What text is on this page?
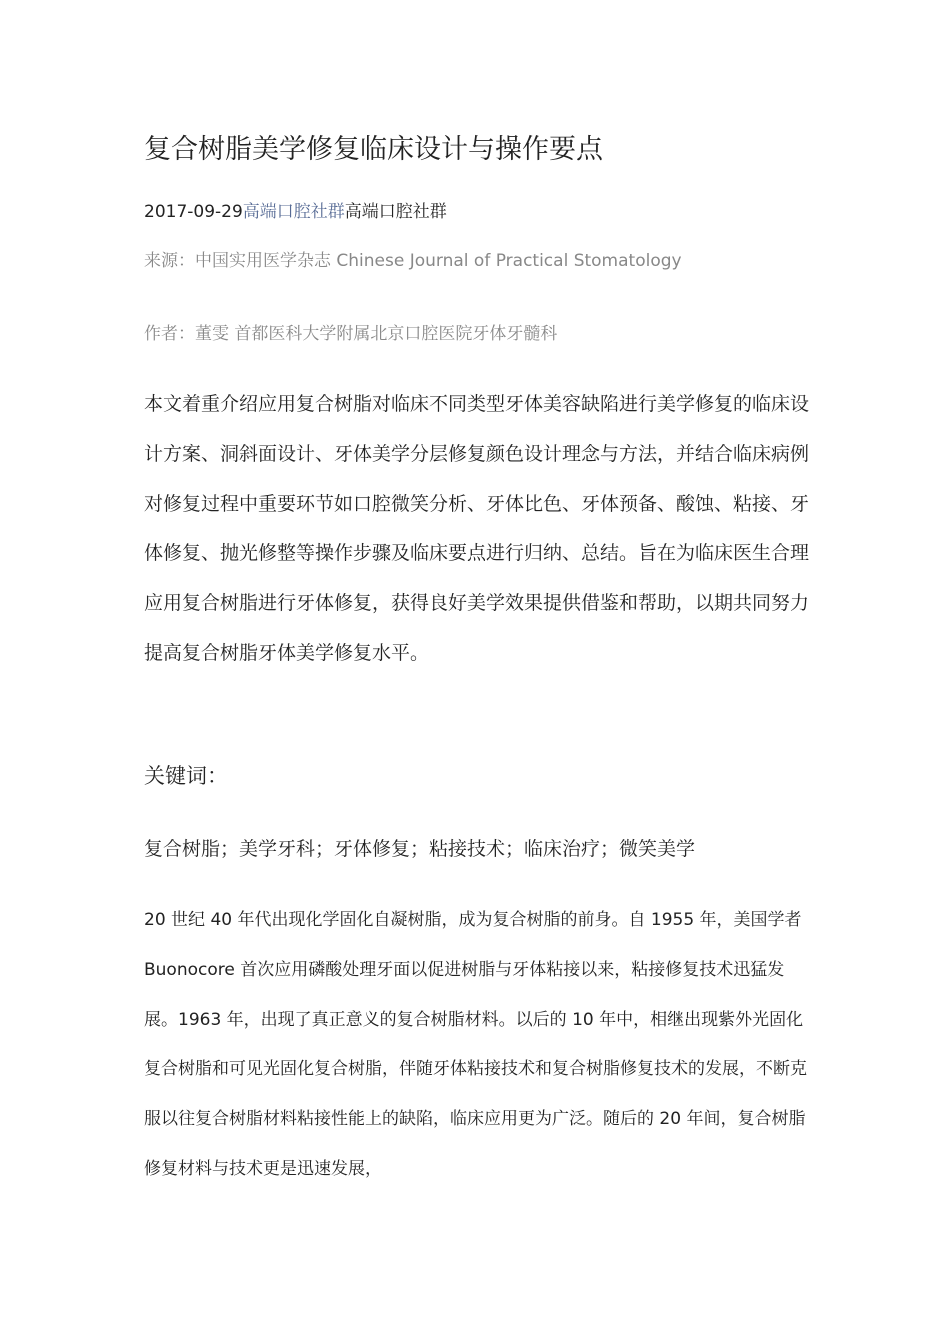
复合树脂美学修复临床设计与操作要点
2017-09-29高端口腔社群高端口腔社群
来源：中国实用医学杂志 Chinese Journal of Practical Stomatology
作者：董雯 首都医科大学附属北京口腔医院牙体牙髓科

本文着重介绍应用复合树脂对临床不同类型牙体美容缺陷进行美学修复的临床设计方案、洞斜面设计、牙体美学分层修复颜色设计理念与方法，并结合临床病例对修复过程中重要环节如口腔微笑分析、牙体比色、牙体预备、酸蚀、粘接、牙体修复、抛光修整等操作步骤及临床要点进行归纳、总结。旨在为临床医生合理应用复合树脂进行牙体修复，获得良好美学效果提供借鉴和帮助，以期共同努力提高复合树脂牙体美学修复水平。

关键词：
复合树脂；美学牙科；牙体修复；粘接技术；临床治疗；微笑美学

20 世纪 40 年代出现化学固化自凝树脂，成为复合树脂的前身。自 1955 年，美国学者 Buonocore 首次应用磷酸处理牙面以促进树脂与牙体粘接以来，粘接修复技术迅猛发展。1963 年，出现了真正意义的复合树脂材料。以后的 10 年中，相继出现紫外光固化复合树脂和可见光固化复合树脂，伴随牙体粘接技术和复合树脂修复技术的发展，不断克服以往复合树脂材料粘接性能上的缺陷，临床应用更为广泛。随后的 20 年间，复合树脂修复材料与技术更是迅速发展，
